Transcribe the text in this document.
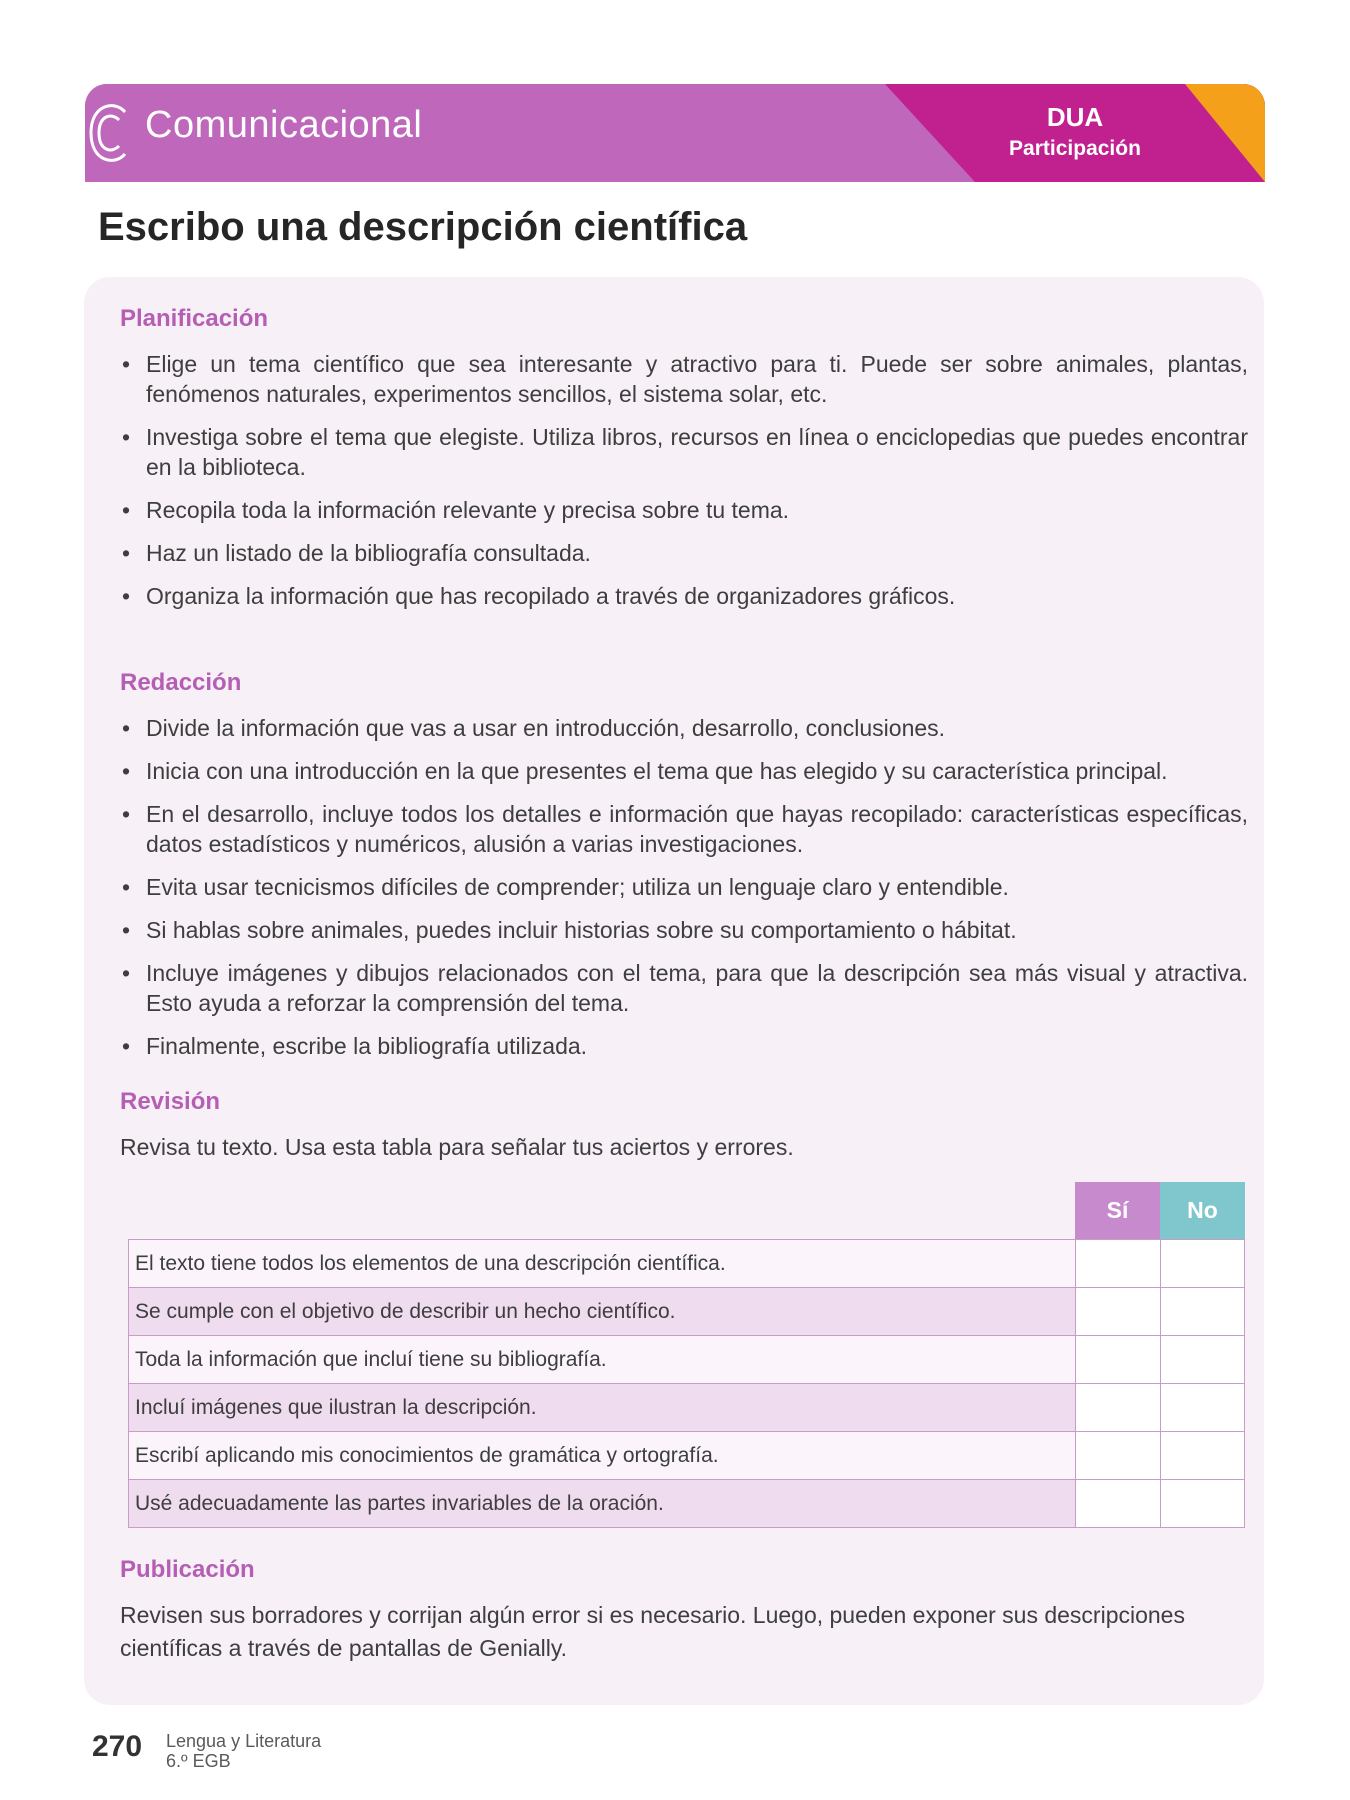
Comunicacional	DUA
Participación
Escribo una descripción científica
Planificación
• Elige un tema científico que sea interesante y atractivo para ti. Puede ser sobre animales, plantas, fenómenos naturales, experimentos sencillos, el sistema solar, etc.
• Investiga sobre el tema que elegiste. Utiliza libros, recursos en línea o enciclopedias que puedes encontrar en la biblioteca.
• Recopila toda la información relevante y precisa sobre tu tema.
• Haz un listado de la bibliografía consultada.
• Organiza la información que has recopilado a través de organizadores gráficos.
Redacción
• Divide la información que vas a usar en introducción, desarrollo, conclusiones.
• Inicia con una introducción en la que presentes el tema que has elegido y su característica principal.
• En el desarrollo, incluye todos los detalles e información que hayas recopilado: características específicas, datos estadísticos y numéricos, alusión a varias investigaciones.
• Evita usar tecnicismos difíciles de comprender; utiliza un lenguaje claro y entendible.
• Si hablas sobre animales, puedes incluir historias sobre su comportamiento o hábitat.
• Incluye imágenes y dibujos relacionados con el tema, para que la descripción sea más visual y atractiva. Esto ayuda a reforzar la comprensión del tema.
• Finalmente, escribe la bibliografía utilizada.
Revisión
Revisa tu texto. Usa esta tabla para señalar tus aciertos y errores.
Sí	No
El texto tiene todos los elementos de una descripción científica.
Se cumple con el objetivo de describir un hecho científico.
Toda la información que incluí tiene su bibliografía.
Incluí imágenes que ilustran la descripción.
Escribí aplicando mis conocimientos de gramática y ortografía.
Usé adecuadamente las partes invariables de la oración.
Publicación
Revisen sus borradores y corrijan algún error si es necesario. Luego, pueden exponer sus descripciones científicas a través de pantallas de Genially.
270 Lengua y Literatura
6.º EGB
